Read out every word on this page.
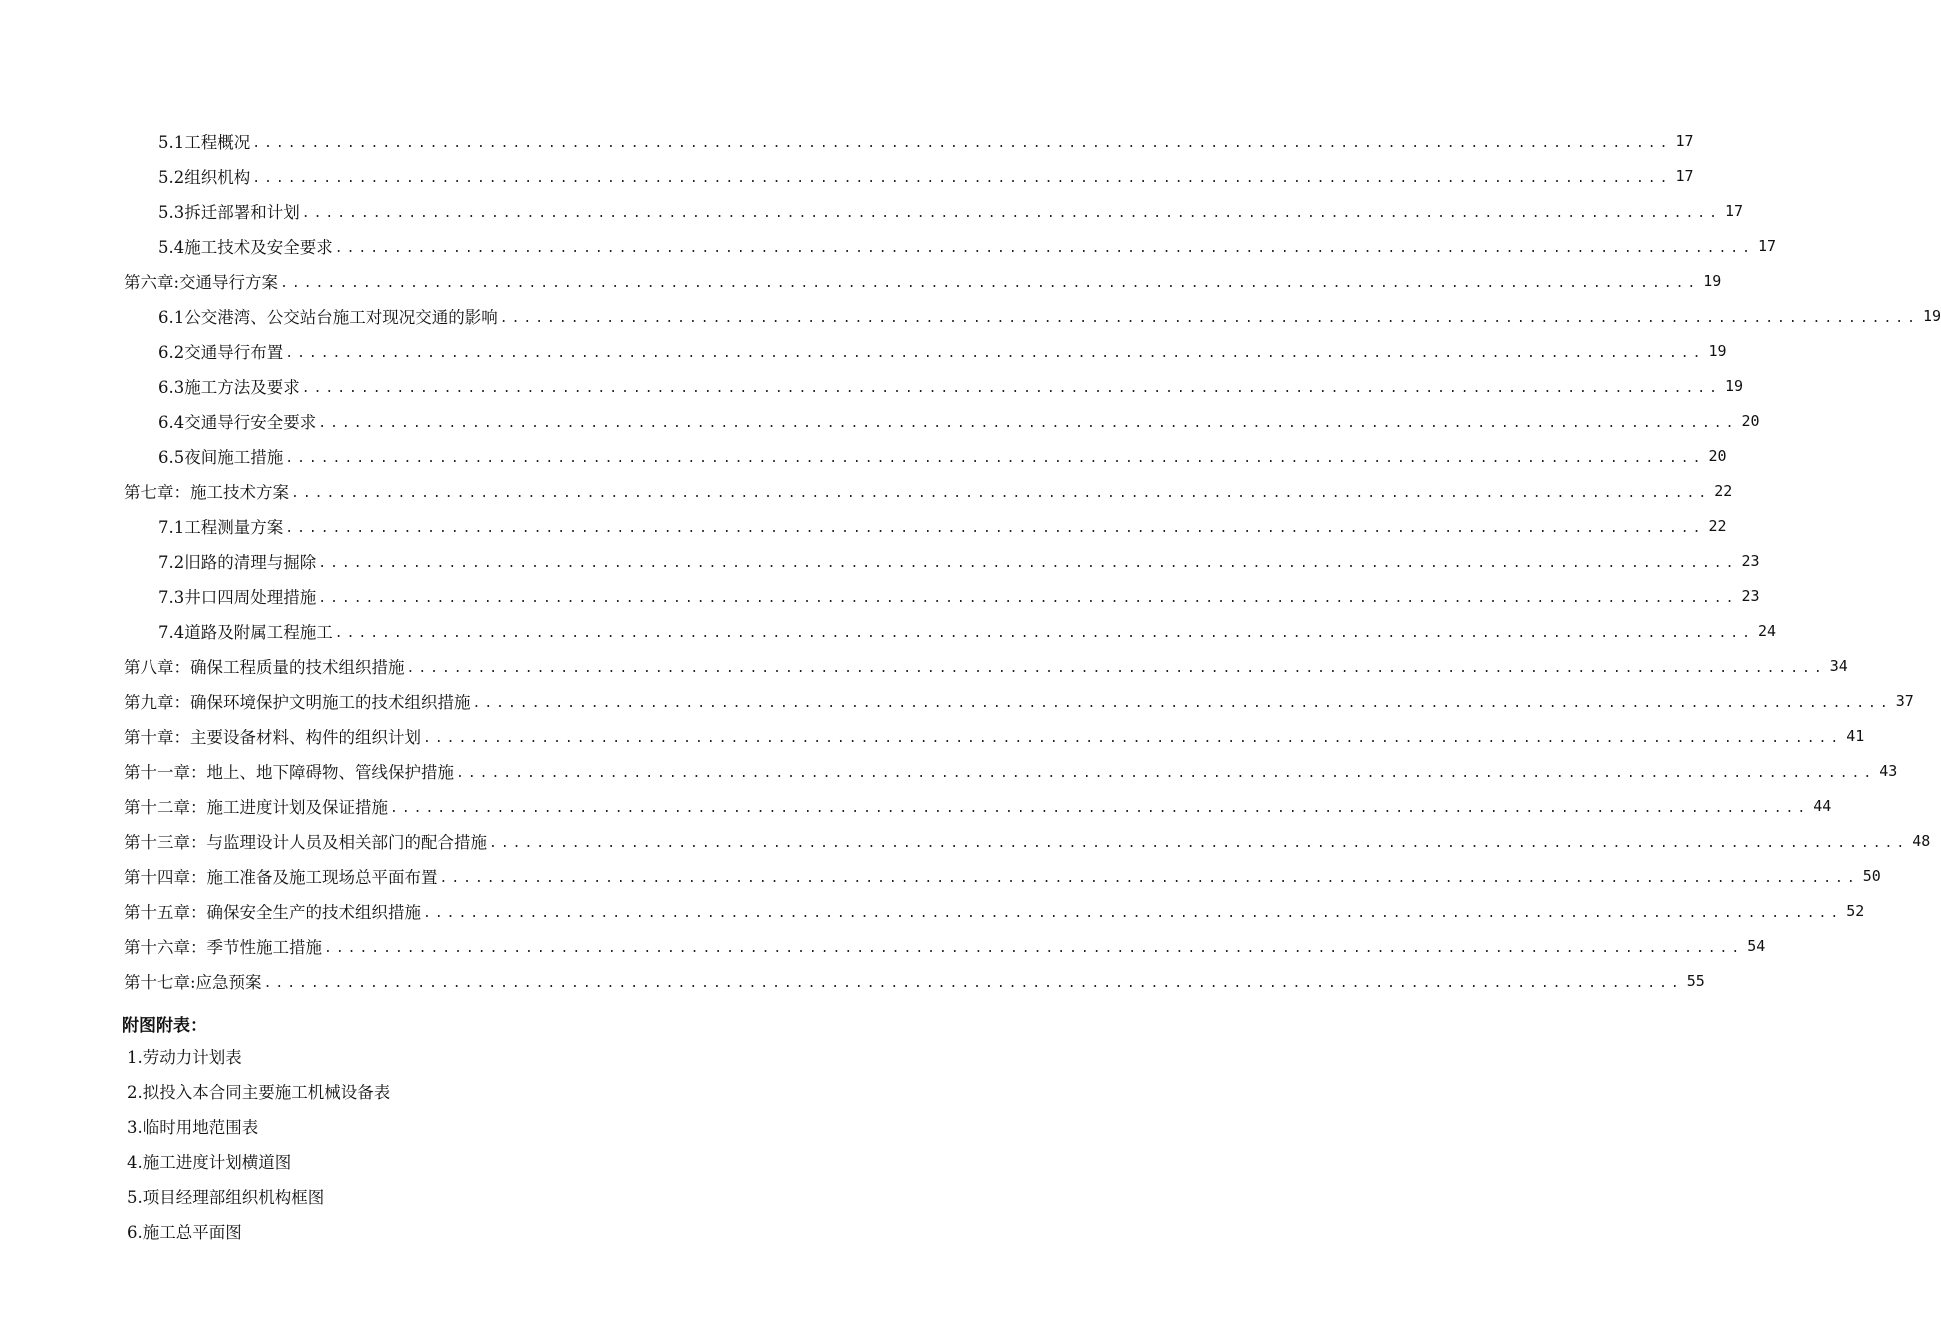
5.1工程概况 ........................................................................................................................ 17
5.2组织机构 ........................................................................................................................ 17
5.3拆迁部署和计划 ........................................................................................................................ 17
5.4施工技术及安全要求 ........................................................................................................................ 17
第六章:交通导行方案 ........................................................................................................................ 19
6.1公交港湾、公交站台施工对现况交通的影响 ........................................................................................................................ 19
6.2交通导行布置 ........................................................................................................................ 19
6.3施工方法及要求 ........................................................................................................................ 19
6.4交通导行安全要求 ........................................................................................................................ 20
6.5夜间施工措施 ........................................................................................................................ 20
第七章：施工技术方案 ........................................................................................................................ 22
7.1工程测量方案 ........................................................................................................................ 22
7.2旧路的清理与掘除 ........................................................................................................................ 23
7.3井口四周处理措施 ........................................................................................................................ 23
7.4道路及附属工程施工 ........................................................................................................................ 24
第八章：确保工程质量的技术组织措施 ........................................................................................................................ 34
第九章：确保环境保护文明施工的技术组织措施 ........................................................................................................................ 37
第十章：主要设备材料、构件的组织计划 ........................................................................................................................ 41
第十一章：地上、地下障碍物、管线保护措施 ........................................................................................................................ 43
第十二章：施工进度计划及保证措施 ........................................................................................................................ 44
第十三章：与监理设计人员及相关部门的配合措施 ........................................................................................................................ 48
第十四章：施工准备及施工现场总平面布置 ........................................................................................................................ 50
第十五章：确保安全生产的技术组织措施 ........................................................................................................................ 52
第十六章：季节性施工措施 ........................................................................................................................ 54
第十七章:应急预案 ........................................................................................................................ 55
附图附表：
1.劳动力计划表
2.拟投入本合同主要施工机械设备表
3.临时用地范围表
4.施工进度计划横道图
5.项目经理部组织机构框图
6.施工总平面图
